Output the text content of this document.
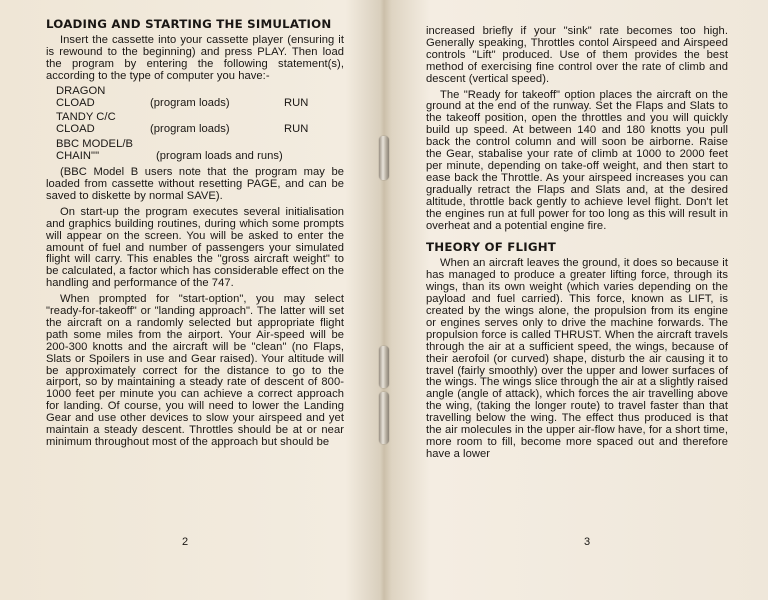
LOADING AND STARTING THE SIMULATION

Insert the cassette into your cassette player (ensuring it is rewound to the beginning) and press PLAY. Then load the program by entering the following statement(s), according to the type of computer you have:-

DRAGON
CLOAD	(program loads)	RUN
TANDY C/C
CLOAD	(program loads)	RUN
BBC MODEL/B
CHAIN""	(program loads and runs)

(BBC Model B users note that the program may be loaded from cassette without resetting PAGE, and can be saved to diskette by normal SAVE).

On start-up the program executes several initialisation and graphics building routines, during which some prompts will appear on the screen. You will be asked to enter the amount of fuel and number of passengers your simulated flight will carry. This enables the "gross aircraft weight" to be calculated, a factor which has considerable effect on the handling and performance of the 747.

When prompted for "start-option", you may select "ready-for-takeoff" or "landing approach". The latter will set the aircraft on a randomly selected but appropriate flight path some miles from the airport. Your Air-speed will be 200-300 knotts and the aircraft will be "clean" (no Flaps, Slats or Spoilers in use and Gear raised). Your altitude will be approximately correct for the distance to go to the airport, so by maintaining a steady rate of descent of 800-1000 feet per minute you can achieve a correct approach for landing. Of course, you will need to lower the Landing Gear and use other devices to slow your airspeed and yet maintain a steady descent. Throttles should be at or near minimum throughout most of the approach but should be

2

increased briefly if your "sink" rate becomes too high. Generally speaking, Throttles contol Airspeed and Airspeed controls "Lift" produced. Use of them provides the best method of exercising fine control over the rate of climb and descent (vertical speed).

The "Ready for takeoff" option places the aircraft on the ground at the end of the runway. Set the Flaps and Slats to the takeoff position, open the throttles and you will quickly build up speed. At between 140 and 180 knotts you pull back the control column and will soon be airborne. Raise the Gear, stabalise your rate of climb at 1000 to 2000 feet per minute, depending on take-off weight, and then start to ease back the Throttle. As your airspeed increases you can gradually retract the Flaps and Slats and, at the desired altitude, throttle back gently to achieve level flight. Don't let the engines run at full power for too long as this will result in overheat and a potential engine fire.

THEORY OF FLIGHT

When an aircraft leaves the ground, it does so because it has managed to produce a greater lifting force, through its wings, than its own weight (which varies depending on the payload and fuel carried). This force, known as LIFT, is created by the wings alone, the propulsion from its engine or engines serves only to drive the machine forwards. The propulsion force is called THRUST. When the aircraft travels through the air at a sufficient speed, the wings, because of their aerofoil (or curved) shape, disturb the air causing it to travel (fairly smoothly) over the upper and lower surfaces of the wings. The wings slice through the air at a slightly raised angle (angle of attack), which forces the air travelling above the wing, (taking the longer route) to travel faster than that travelling below the wing. The effect thus produced is that the air molecules in the upper air-flow have, for a short time, more room to fill, become more spaced out and therefore have a lower

3
